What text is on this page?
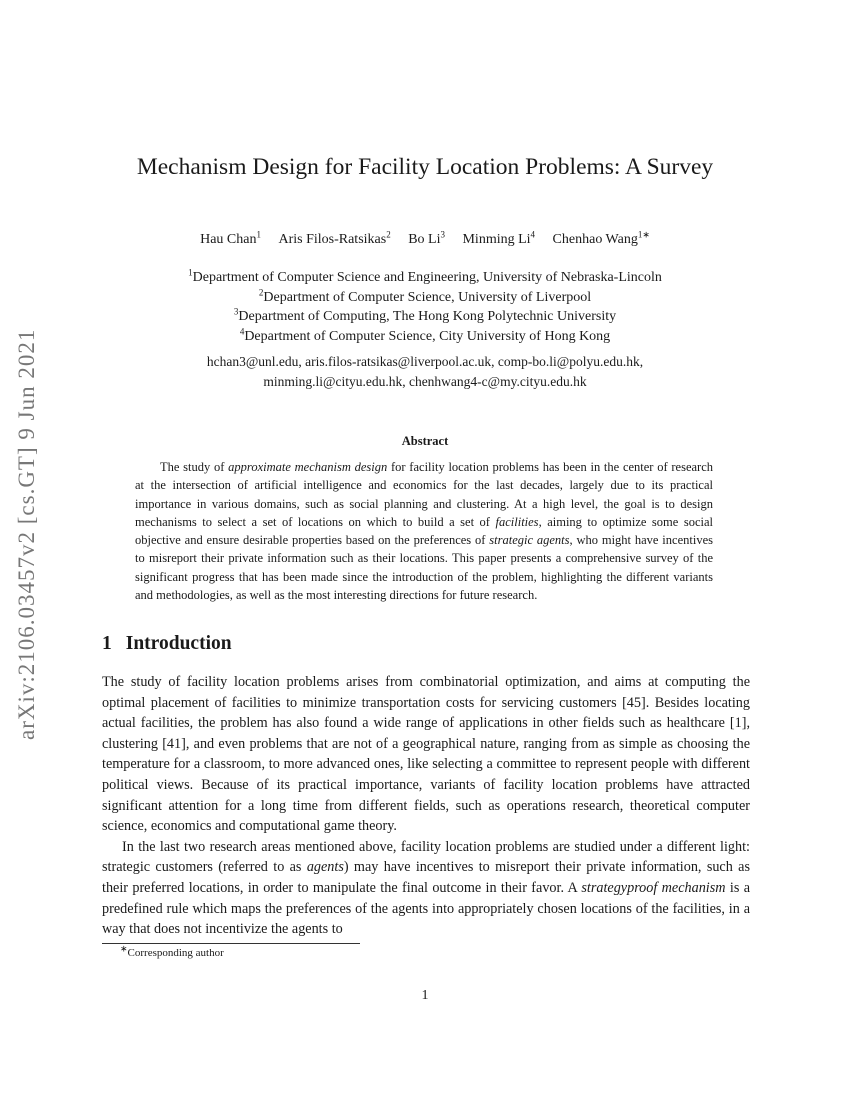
arXiv:2106.03457v2 [cs.GT] 9 Jun 2021
Mechanism Design for Facility Location Problems: A Survey
Hau Chan$^1$ Aris Filos-Ratsikas$^2$ Bo Li$^3$ Minming Li$^4$ Chenhao Wang$^{1∗}$
$^1$Department of Computer Science and Engineering, University of Nebraska-Lincoln
$^2$Department of Computer Science, University of Liverpool
$^3$Department of Computing, The Hong Kong Polytechnic University
$^4$Department of Computer Science, City University of Hong Kong
hchan3@unl.edu, aris.filos-ratsikas@liverpool.ac.uk, comp-bo.li@polyu.edu.hk,
minming.li@cityu.edu.hk, chenhwang4-c@my.cityu.edu.hk
Abstract

The study of approximate mechanism design for facility location problems has been in the center of research at the intersection of artificial intelligence and economics for the last decades, largely due to its practical importance in various domains, such as social planning and clustering. At a high level, the goal is to design mechanisms to select a set of locations on which to build a set of facilities, aiming to optimize some social objective and ensure desirable properties based on the preferences of strategic agents, who might have incentives to misreport their private information such as their locations. This paper presents a comprehensive survey of the significant progress that has been made since the introduction of the problem, highlighting the different variants and methodologies, as well as the most interesting directions for future research.

1 Introduction

The study of facility location problems arises from combinatorial optimization, and aims at computing the optimal placement of facilities to minimize transportation costs for servicing customers [45]. Besides locating actual facilities, the problem has also found a wide range of applications in other fields such as healthcare [1], clustering [41], and even problems that are not of a geographical nature, ranging from as simple as choosing the temperature for a classroom, to more advanced ones, like selecting a committee to represent people with different political views. Because of its practical importance, variants of facility location problems have attracted significant attention for a long time from different fields, such as operations research, theoretical computer science, economics and computational game theory.

In the last two research areas mentioned above, facility location problems are studied under a different light: strategic customers (referred to as agents) may have incentives to misreport their private information, such as their preferred locations, in order to manipulate the final outcome in their favor. A strategyproof mechanism is a predefined rule which maps the preferences of the agents into appropriately chosen locations of the facilities, in a way that does not incentivize the agents to

∗Corresponding author
1
